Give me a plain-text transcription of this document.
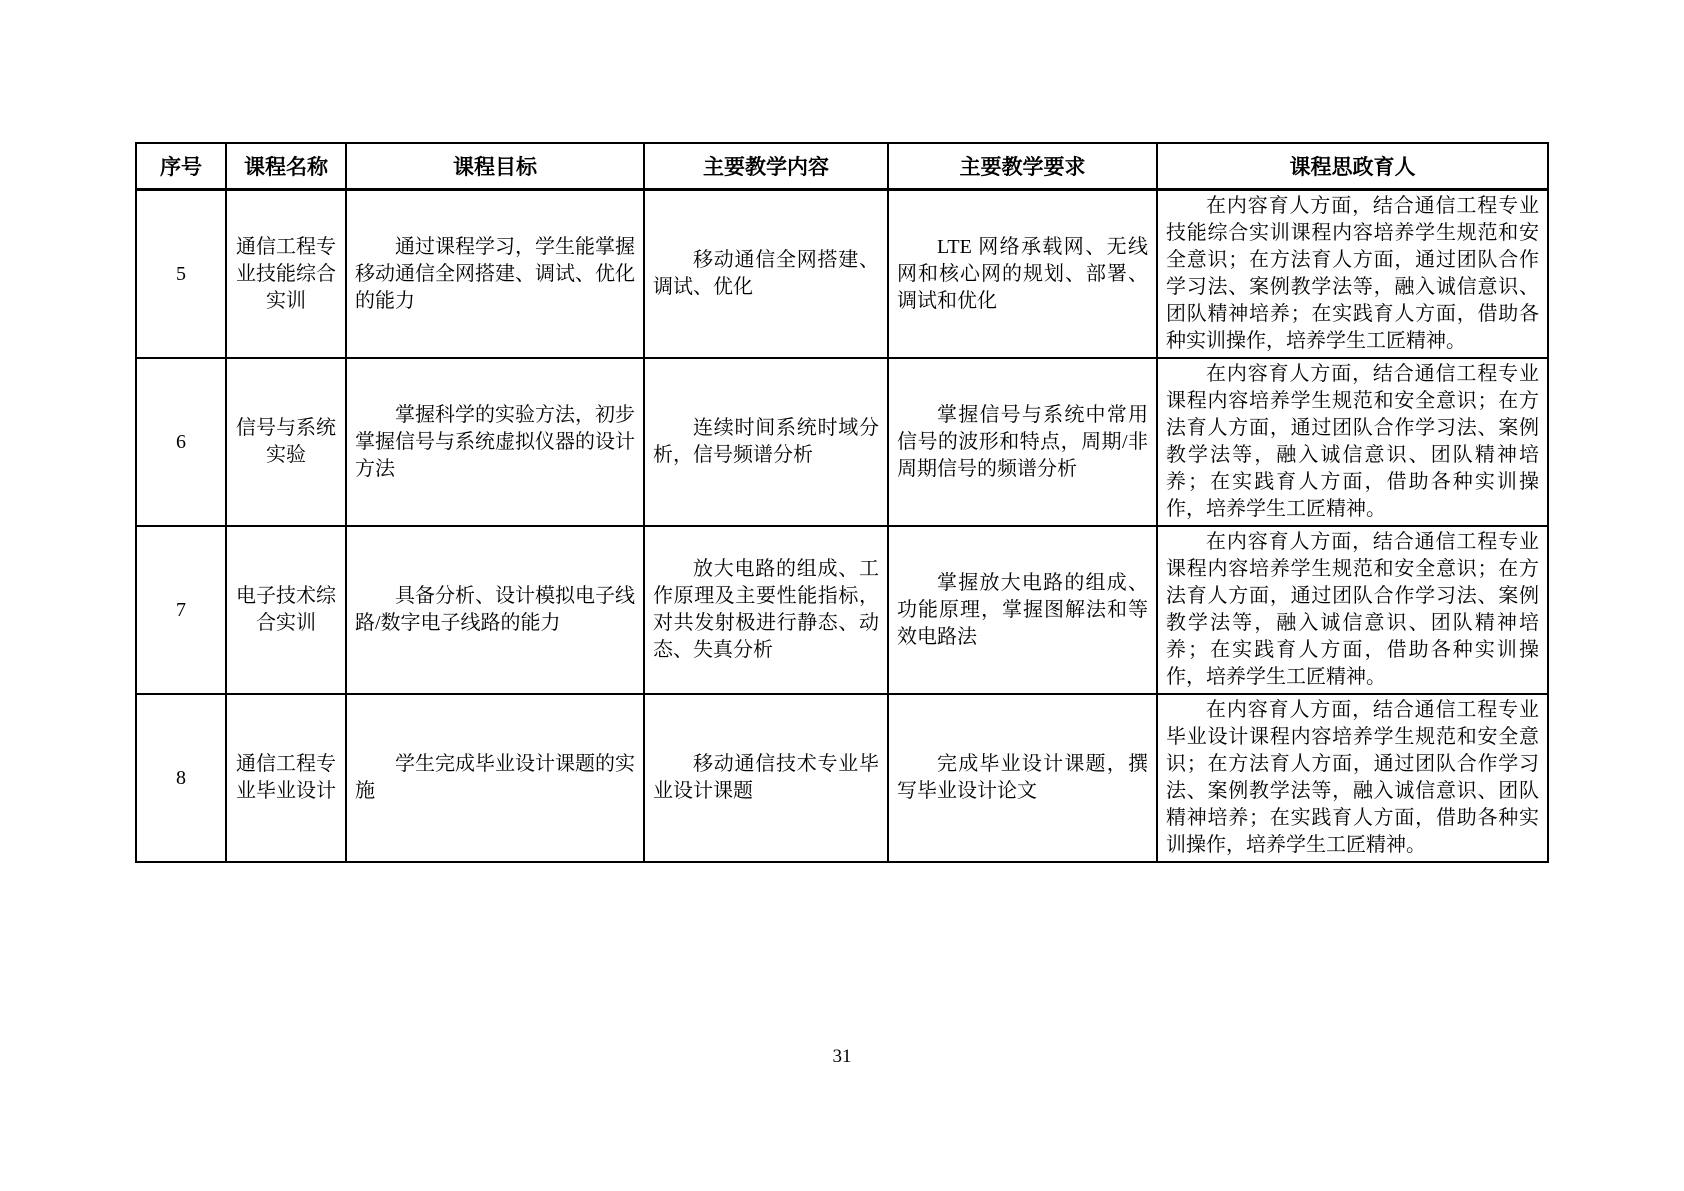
序号	课程名称	课程目标	主要教学内容	主要教学要求	课程思政育人
5	通信工程专业技能综合实训	通过课程学习，学生能掌握移动通信全网搭建、调试、优化的能力	移动通信全网搭建、调试、优化	LTE 网络承载网、无线网和核心网的规划、部署、调试和优化	在内容育人方面，结合通信工程专业技能综合实训课程内容培养学生规范和安全意识；在方法育人方面，通过团队合作学习法、案例教学法等，融入诚信意识、团队精神培养；在实践育人方面，借助各种实训操作，培养学生工匠精神。
6	信号与系统实验	掌握科学的实验方法，初步掌握信号与系统虚拟仪器的设计方法	连续时间系统时域分析，信号频谱分析	掌握信号与系统中常用信号的波形和特点，周期/非周期信号的频谱分析	在内容育人方面，结合通信工程专业课程内容培养学生规范和安全意识；在方法育人方面，通过团队合作学习法、案例教学法等，融入诚信意识、团队精神培养；在实践育人方面，借助各种实训操作，培养学生工匠精神。
7	电子技术综合实训	具备分析、设计模拟电子线路/数字电子线路的能力	放大电路的组成、工作原理及主要性能指标，对共发射极进行静态、动态、失真分析	掌握放大电路的组成、功能原理，掌握图解法和等效电路法	在内容育人方面，结合通信工程专业课程内容培养学生规范和安全意识；在方法育人方面，通过团队合作学习法、案例教学法等，融入诚信意识、团队精神培养；在实践育人方面，借助各种实训操作，培养学生工匠精神。
8	通信工程专业毕业设计	学生完成毕业设计课题的实施	移动通信技术专业毕业设计课题	完成毕业设计课题，撰写毕业设计论文	在内容育人方面，结合通信工程专业毕业设计课程内容培养学生规范和安全意识；在方法育人方面，通过团队合作学习法、案例教学法等，融入诚信意识、团队精神培养；在实践育人方面，借助各种实训操作，培养学生工匠精神。
31
